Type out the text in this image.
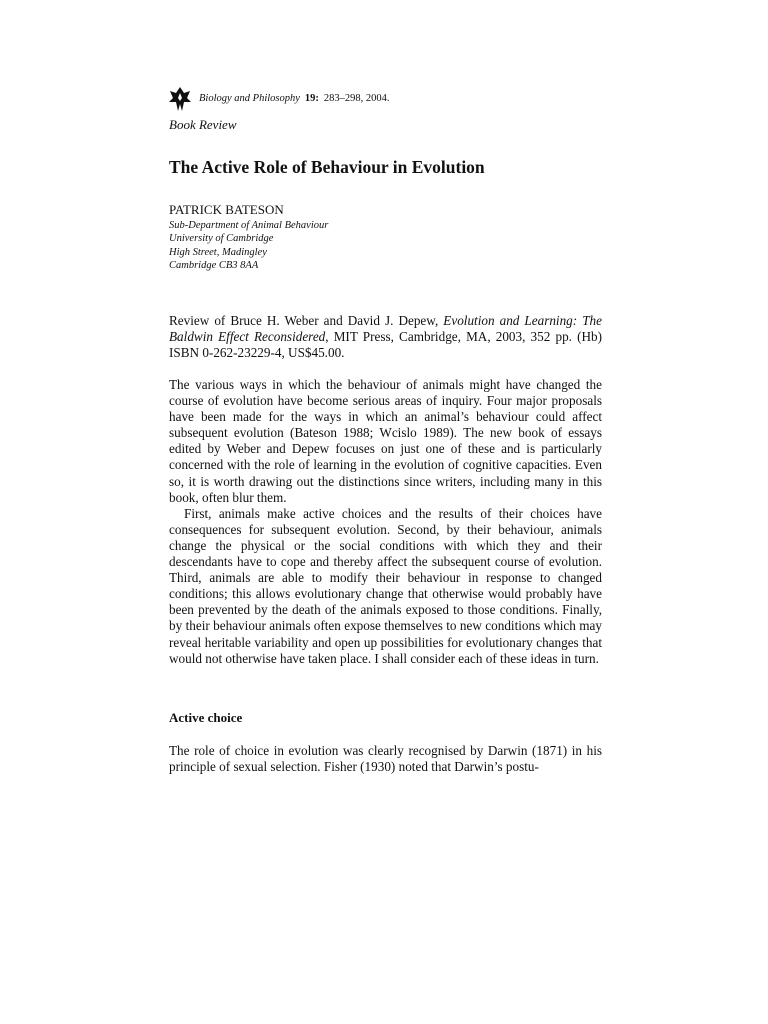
Biology and Philosophy 19: 283–298, 2004.
Book Review
The Active Role of Behaviour in Evolution
PATRICK BATESON
Sub-Department of Animal Behaviour
University of Cambridge
High Street, Madingley
Cambridge CB3 8AA
Review of Bruce H. Weber and David J. Depew, Evolution and Learning: The Baldwin Effect Reconsidered, MIT Press, Cambridge, MA, 2003, 352 pp. (Hb) ISBN 0-262-23229-4, US$45.00.

The various ways in which the behaviour of animals might have changed the course of evolution have become serious areas of inquiry. Four major proposals have been made for the ways in which an animal’s behaviour could affect subsequent evolution (Bateson 1988; Wcislo 1989). The new book of essays edited by Weber and Depew focuses on just one of these and is particularly concerned with the role of learning in the evolution of cognitive capacities. Even so, it is worth drawing out the distinctions since writers, including many in this book, often blur them.

First, animals make active choices and the results of their choices have consequences for subsequent evolution. Second, by their behaviour, animals change the physical or the social conditions with which they and their descendants have to cope and thereby affect the subsequent course of evolution. Third, animals are able to modify their behaviour in response to changed conditions; this allows evolutionary change that otherwise would probably have been prevented by the death of the animals exposed to those conditions. Finally, by their behaviour animals often expose themselves to new conditions which may reveal heritable variability and open up possibilities for evolutionary changes that would not otherwise have taken place. I shall consider each of these ideas in turn.

Active choice

The role of choice in evolution was clearly recognised by Darwin (1871) in his principle of sexual selection. Fisher (1930) noted that Darwin’s postu-
